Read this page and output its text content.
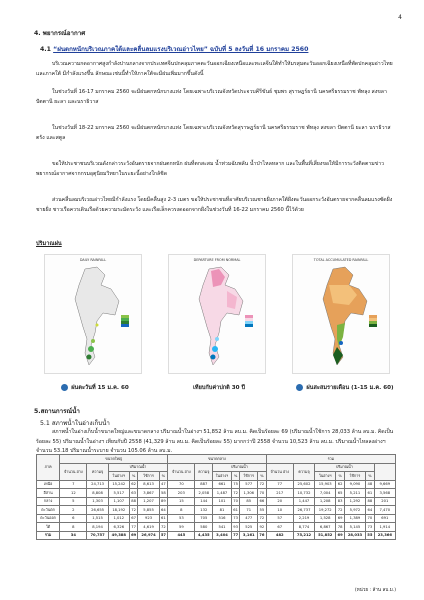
4
4. พยากรณ์อากาศ
4.1 “ฝนตกหนักบริเวณภาคใต้และคลื่นลมแรงบริเวณอ่าวไทย” ฉบับที่ 5 ลงวันที่ 16 มกราคม 2560
บริเวณความกดอากาศสูงกำลังปานกลางจากประเทศจีนปกคลุมภาคตะวันออกเฉียงเหนือและทะเลจีนใต้ทำให้มรสุมตะวันออกเฉียงเหนือที่พัดปกคลุมอ่าวไทย และภาคใต้ มีกำลังแรงขึ้น ลักษณะเช่นนี้ทำให้ภาคใต้จะมีฝนเพิ่มมากขึ้นดังนี้
ในช่วงวันที่ 16-17 มกราคม 2560 จะมีฝนตกหนักบางแห่ง โดยเฉพาะบริเวณจังหวัดประจวบคีรีขันธ์ ชุมพร สุราษฎร์ธานี นครศรีธรรมราช พัทลุง สงขลา ปัตตานี ยะลา และนราธิวาส
ในช่วงวันที่ 18-22 มกราคม 2560 จะมีฝนตกหนักบางแห่ง โดยเฉพาะบริเวณจังหวัดสุราษฎร์ธานี นครศรีธรรมราช พัทลุง สงขลา ปัตตานี ยะลา นราธิวาส ตรัง และสตูล
ขอให้ประชาชนบริเวณดังกล่าวระวังอันตรายจากฝนตกหนัก ฝนที่ตกสะสม น้ำท่วมฉับพลัน น้ำป่าไหลหลาก และในพื้นที่เสี่ยงขอให้มีการระวังติดตามข่าวพยากรณ์อากาศจากกรมอุตุนิยมวิทยาในระยะนี้อย่างใกล้ชิด
ส่วนคลื่นลมบริเวณอ่าวไทยมีกำลังแรง โดยมีคลื่นสูง 2-3 เมตร ขอให้ประชาชนที่อาศัยบริเวณชายฝั่งภาคใต้ฝั่งตะวันออกระวังอันตรายจากคลื่นลมแรงซัดฝั่งชายฝั่ง ชาวเรือควรเดินเรือด้วยความระมัดระวัง และเรือเล็กควรงดออกจากฝั่งในช่วงวันที่ 16-22 มกราคม 2560 นี้ไว้ด้วย
ปริมาณฝน
DAILY RAINFALL	DEPARTURE FROM NORMAL	TOTAL ACCUMULATED RAINFALL
ฝนตะวันที่ 15 ม.ค. 60	เทียบกับค่าปกติ 30 ปี	ฝนสะสมรายเดือน (1-15 ม.ค. 60)
5.สถานการณ์น้ำ
5.1 สภาพน้ำในอ่างเก็บน้ำ
สภาพน้ำในอ่างเก็บน้ำขนาดใหญ่และขนาดกลาง ปริมาณน้ำในอ่างฯ 51,852 ล้าน ลบ.ม. คิดเป็นร้อยละ 69 (ปริมาณน้ำใช้การ 28,033 ล้าน ลบ.ม. คิดเป็นร้อยละ 55) ปริมาณน้ำในอ่างฯ เทียบกับปี 2558 (41,329 ล้าน ลบ.ม. คิดเป็นร้อยละ 55) มากกว่าปี 2558 จำนวน 10,523 ล้าน ลบ.ม. ปริมาณน้ำไหลลงอ่างฯ จำนวน 53.18 ปริมาณน้ำระบาย จำนวน 105.06 ล้าน ลบ.ม.
ภาค	ขนาดใหญ่						ขนาดกลาง						รวม						
	จำนวน อ่าง	ความจุ	ปริมาณน้ำ				จำนวน อ่าง	ความจุ	ปริมาณน้ำ				จำนวน อ่าง	ความจุ	ปริมาณน้ำ				
			ในอ่างฯ	%	ใช้การ	%			ในอ่างฯ	%	ใช้การ	%			ในอ่างฯ	%	ใช้การ	%	
เหนือ	7	24,713	15,242	62	8,613	47	70	887	661	75	577	72	77	25,602	15,903	62	9,090	48	9,669
อีสาน	12	8,808	5,517	63	3,867	58	203	2,058	1,487	72	1,306	70	217	10,732	7,004	65	5,211	61	3,568
กลาง	5	1,303	1,107	88	1,207	89	15	144	101	70	85	66	20	1,447	1,208	83	1,292	88	201
ตะวันตก	2	26,655	18,192	72	5,855	64	8	132	81	61	71	55	10	26,737	19,272	72	5,972	64	7,470
ตะวันออก	6	1,515	1,012	67	923	61	53	705	516	73	477	72	57	2,219	1,528	69	1,389	70	691
ใต้	8	8,194	6,326	77	4,619	72	59	580	541	93	525	92	67	8,774	6,867	78	5,145	73	1,914
รวม	34	70,757	49,388	69	26,974	57	445	4,435	3,404	77	3,161	76	482	75,212	51,852	69	28,033	55	23,366
(หน่วย : ล้าน ลบ.ม.)
